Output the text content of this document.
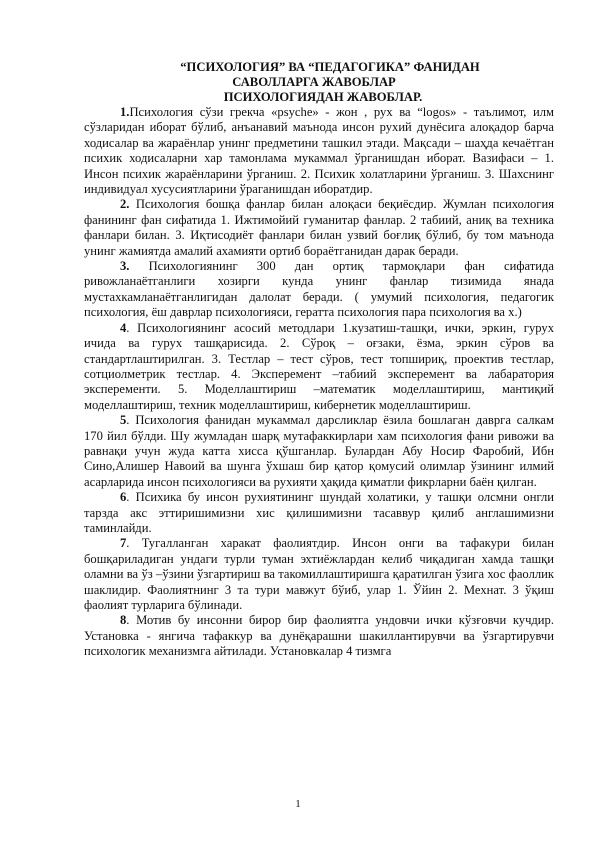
“ПСИХОЛОГИЯ” ВА “ПЕДАГОГИКА” ФАНИДАН

САВОЛЛАРГА ЖАВОБЛАР

ПСИХОЛОГИЯДАН ЖАВОБЛАР.

1.Психология сўзи грекча «psyche» - жон , рух ва “logos» - таълимот, илм сўзларидан иборат бўлиб, анъанавий маънода инсон рухий дунёсига алоқадор барча ходисалар ва жараёнлар унинг предметини ташкил этади. Мақсади – шаҳда кечаётган психик ходисаларни хар тамонлама мукаммал ўрганишдан иборат. Вазифаси – 1. Инсон психик жараёнларини ўрганиш. 2. Психик холатларини ўрганиш. 3. Шахснинг индивидуал хусусиятларини ўраганишдан иборатдир.

2. Психология бошқа фанлар билан алоқаси беқиёсдир. Жумлан психология фанининг фан сифатида 1. Ижтимойий гуманитар фанлар. 2 табиий, аниқ ва техника фанлари билан. 3. Иқтисодиёт фанлари билан узвий боғлиқ бўлиб, бу том маънода унинг жамиятда амалий ахамияти ортиб бораётганидан дарак беради.

3. Психологиянинг 300 дан ортиқ тармоқлари фан сифатида ривожланаётганлиги хозирги кунда унинг фанлар тизимида янада мустахкамланаётганлигидан далолат беради. ( умумий психология, педагогик психология, ёш даврлар психологияси, гератта психология пара психология ва х.)

4. Психологиянинг асосий методлари 1.кузатиш-ташқи, ички, эркин, гурух ичида ва гурух ташқарисида. 2. Сўроқ – оғзаки, ёзма, эркин сўров ва стандартлаштирилган. 3. Тестлар – тест сўров, тест топшириқ, проектив тестлар, сотциолметрик тестлар. 4. Эксперемент –табиий эксперемент ва лабаратория эксперементи. 5. Моделлаштириш –математик моделлаштириш, мантиқий моделлаштириш, техник моделлаштириш, кибернетик моделлаштириш.

5. Психология фанидан мукаммал дарсликлар ёзила бошлаган даврга салкам 170 йил бўлди. Шу жумладан шарқ мутафаккирлари хам психология фани ривожи ва равнақи учун жуда катта хисса қўшганлар. Булардан Абу Носир Фаробий, Ибн Сино,Алишер Навоий ва шунга ўхшаш бир қатор қомусий олимлар ўзининг илмий асарларида инсон психологияси ва рухияти ҳақида қиматли фикрларни баён қилган.

6. Психика бу инсон рухиятининг шундай холатики, у ташқи олсмни онгли тарзда акс эттиришимизни хис қилишимизни тасаввур қилиб англашимизни таминлайди.

7. Тугалланган харакат фаолиятдир. Инсон онги ва тафакури билан бошқариладиган ундаги турли туман эхтиёжлардан келиб чиқадиган хамда ташқи оламни ва ўз –ўзини ўзгартириш ва такомиллаштиришга қаратилган ўзига хос фаоллик шаклидир. Фаолиятнинг 3 та тури мавжут бўиб, улар 1. Ўйин 2. Мехнат. 3 ўқиш фаолият турларига бўлинади.

8. Мотив бу инсонни бирор бир фаолиятга ундовчи ички кўзғовчи кучдир. Установка - янгича тафаккур ва дунёқарашни шакиллантирувчи ва ўзгартирувчи психологик механизмга айтилади. Установкалар 4 тизмга

1
